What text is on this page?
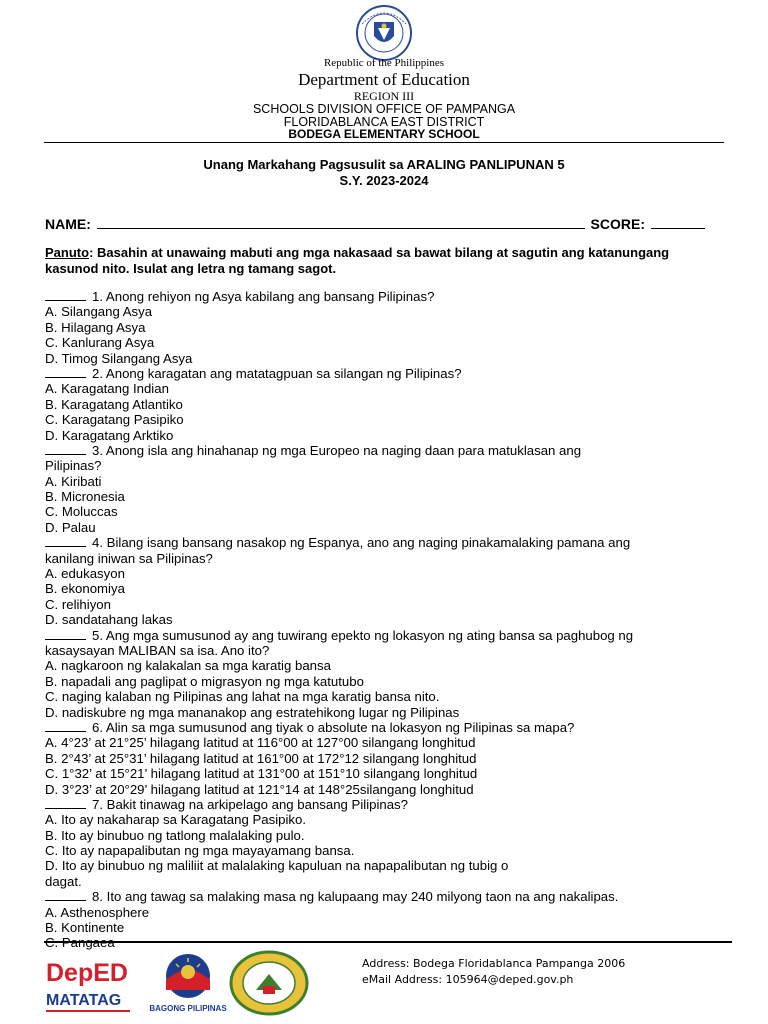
Republic of the Philippines
Department of Education
REGION III
SCHOOLS DIVISION OFFICE OF PAMPANGA
FLORIDABLANCA EAST DISTRICT
BODEGA ELEMENTARY SCHOOL
Unang Markahang Pagsusulit sa ARALING PANLIPUNAN 5
S.Y. 2023-2024
NAME:	SCORE:
Panuto: Basahin at unawaing mabuti ang mga nakasaad sa bawat bilang at sagutin ang katanungang kasunod nito. Isulat ang letra ng tamang sagot.
1. Anong rehiyon ng Asya kabilang ang bansang Pilipinas?
A. Silangang Asya
B. Hilagang Asya
C. Kanlurang Asya
D. Timog Silangang Asya
2. Anong karagatan ang matatagpuan sa silangan ng Pilipinas?
A. Karagatang Indian
B. Karagatang Atlantiko
C. Karagatang Pasipiko
D. Karagatang Arktiko
3. Anong isla ang hinahanap ng mga Europeo na naging daan para matuklasan ang
Pilipinas?
A. Kiribati
B. Micronesia
C. Moluccas
D. Palau
4. Bilang isang bansang nasakop ng Espanya, ano ang naging pinakamalaking pamana ang
kanilang iniwan sa Pilipinas?
A. edukasyon
B. ekonomiya
C. relihiyon
D. sandatahang lakas
5. Ang mga sumusunod ay ang tuwirang epekto ng lokasyon ng ating bansa sa paghubog ng
kasaysayan MALIBAN sa isa. Ano ito?
A. nagkaroon ng kalakalan sa mga karatig bansa
B. napadali ang paglipat o migrasyon ng mga katutubo
C. naging kalaban ng Pilipinas ang lahat na mga karatig bansa nito.
D. nadiskubre ng mga mananakop ang estratehikong lugar ng Pilipinas
6. Alin sa mga sumusunod ang tiyak o absolute na lokasyon ng Pilipinas sa mapa?
A. 4°23’ at 21°25’ hilagang latitud at 116°00 at 127°00 silangang longhitud
B. 2°43’ at 25°31’ hilagang latitud at 161°00 at 172°12 silangang longhitud
C. 1°32’ at 15°21’ hilagang latitud at 131°00 at 151°10 silangang longhitud
D. 3°23’ at 20°29’ hilagang latitud at 121°14 at 148°25silangang longhitud
7. Bakit tinawag na arkipelago ang bansang Pilipinas?
A. Ito ay nakaharap sa Karagatang Pasipiko.
B. Ito ay binubuo ng tatlong malalaking pulo.
C. Ito ay napapalibutan ng mga mayayamang bansa.
D. Ito ay binubuo ng maliliit at malalaking kapuluan na napapalibutan ng tubig o
dagat.
8. Ito ang tawag sa malaking masa ng kalupaang may 240 milyong taon na ang nakalipas.
A. Asthenosphere
B. Kontinente
C. Pangaea
DepED
MATATAG	BAGONG PILIPINAS
Address: Bodega Floridablanca Pampanga 2006
eMail Address: 105964@deped.gov.ph
